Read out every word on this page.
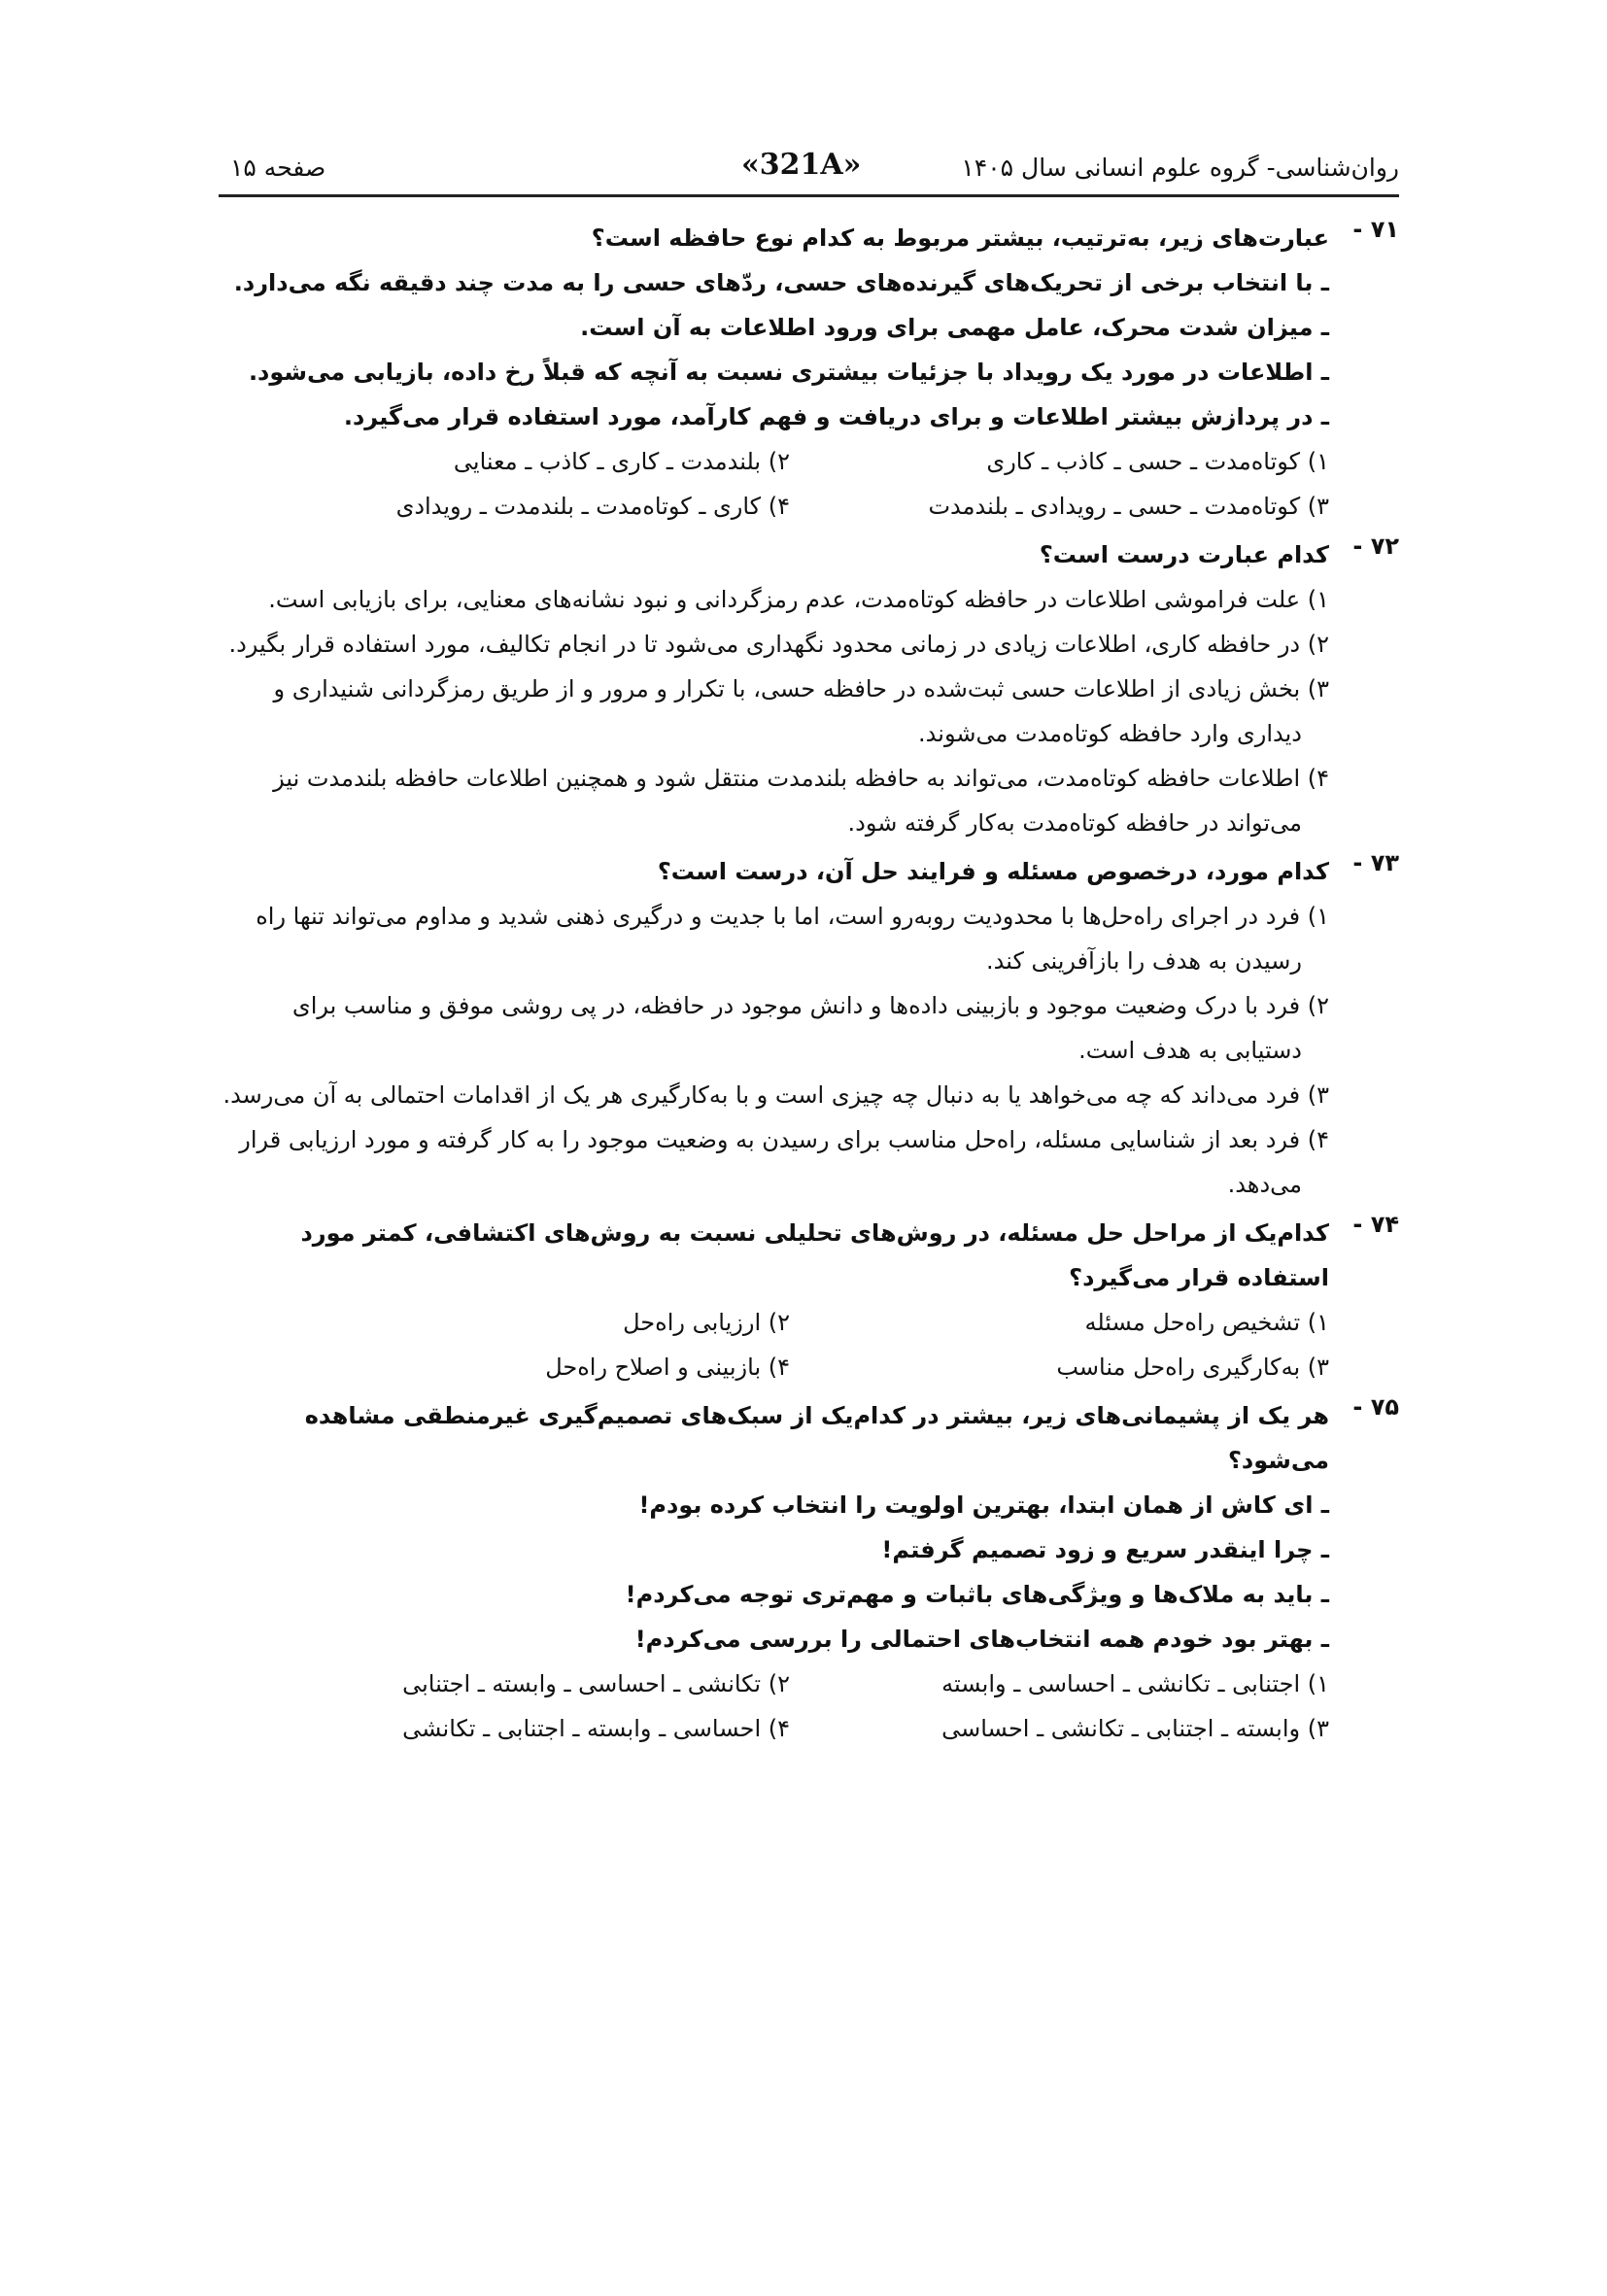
صفحه ۱۵	«321A»	روان‌شناسی- گروه علوم انسانی سال ۱۴۰۵
۷۱ -
عبارت‌های زیر، به‌ترتیب، بیشتر مربوط به کدام نوع حافظه است؟
ـ با انتخاب برخی از تحریک‌های گیرنده‌های حسی، ردّهای حسی را به مدت چند دقیقه نگه می‌دارد.
ـ میزان شدت محرک، عامل مهمی برای ورود اطلاعات به آن است.
ـ اطلاعات در مورد یک رویداد با جزئیات بیشتری نسبت به آنچه که قبلاً رخ داده، بازیابی می‌شود.
ـ در پردازش بیشتر اطلاعات و برای دریافت و فهم کارآمد، مورد استفاده قرار می‌گیرد.
۱) کوتاه‌مدت ـ حسی ـ کاذب ـ کاری
۲) بلندمدت ـ کاری ـ کاذب ـ معنایی
۳) کوتاه‌مدت ـ حسی ـ رویدادی ـ بلندمدت
۴) کاری ـ کوتاه‌مدت ـ بلندمدت ـ رویدادی
۷۲ -
کدام عبارت درست است؟
۱) علت فراموشی اطلاعات در حافظه کوتاه‌مدت، عدم رمزگردانی و نبود نشانه‌های معنایی، برای بازیابی است.
۲) در حافظه کاری، اطلاعات زیادی در زمانی محدود نگهداری می‌شود تا در انجام تکالیف، مورد استفاده قرار بگیرد.
۳) بخش زیادی از اطلاعات حسی ثبت‌شده در حافظه حسی، با تکرار و مرور و از طریق رمزگردانی شنیداری و دیداری وارد حافظه کوتاه‌مدت می‌شوند.
۴) اطلاعات حافظه کوتاه‌مدت، می‌تواند به حافظه بلندمدت منتقل شود و همچنین اطلاعات حافظه بلندمدت نیز می‌تواند در حافظه کوتاه‌مدت به‌کار گرفته شود.
۷۳ -
کدام مورد، درخصوص مسئله و فرایند حل آن، درست است؟
۱) فرد در اجرای راه‌حل‌ها با محدودیت روبه‌رو است، اما با جدیت و درگیری ذهنی شدید و مداوم می‌تواند تنها راه رسیدن به هدف را بازآفرینی کند.
۲) فرد با درک وضعیت موجود و بازبینی داده‌ها و دانش موجود در حافظه، در پی روشی موفق و مناسب برای دستیابی به هدف است.
۳) فرد می‌داند که چه می‌خواهد یا به دنبال چه چیزی است و با به‌کارگیری هر یک از اقدامات احتمالی به آن می‌رسد.
۴) فرد بعد از شناسایی مسئله، راه‌حل مناسب برای رسیدن به وضعیت موجود را به کار گرفته و مورد ارزیابی قرار می‌دهد.
۷۴ -
کدام‌یک از مراحل حل مسئله، در روش‌های تحلیلی نسبت به روش‌های اکتشافی، کمتر مورد استفاده قرار می‌گیرد؟
۱) تشخیص راه‌حل مسئله
۲) ارزیابی راه‌حل
۳) به‌کارگیری راه‌حل مناسب
۴) بازبینی و اصلاح راه‌حل
۷۵ -
هر یک از پشیمانی‌های زیر، بیشتر در کدام‌یک از سبک‌های تصمیم‌گیری غیرمنطقی مشاهده می‌شود؟
ـ ای کاش از همان ابتدا، بهترین اولویت را انتخاب کرده بودم!
ـ چرا اینقدر سریع و زود تصمیم گرفتم!
ـ باید به ملاک‌ها و ویژگی‌های باثبات و مهم‌تری توجه می‌کردم!
ـ بهتر بود خودم همه انتخاب‌های احتمالی را بررسی می‌کردم!
۱) اجتنابی ـ تکانشی ـ احساسی ـ وابسته
۲) تکانشی ـ احساسی ـ وابسته ـ اجتنابی
۳) وابسته ـ اجتنابی ـ تکانشی ـ احساسی
۴) احساسی ـ وابسته ـ اجتنابی ـ تکانشی
